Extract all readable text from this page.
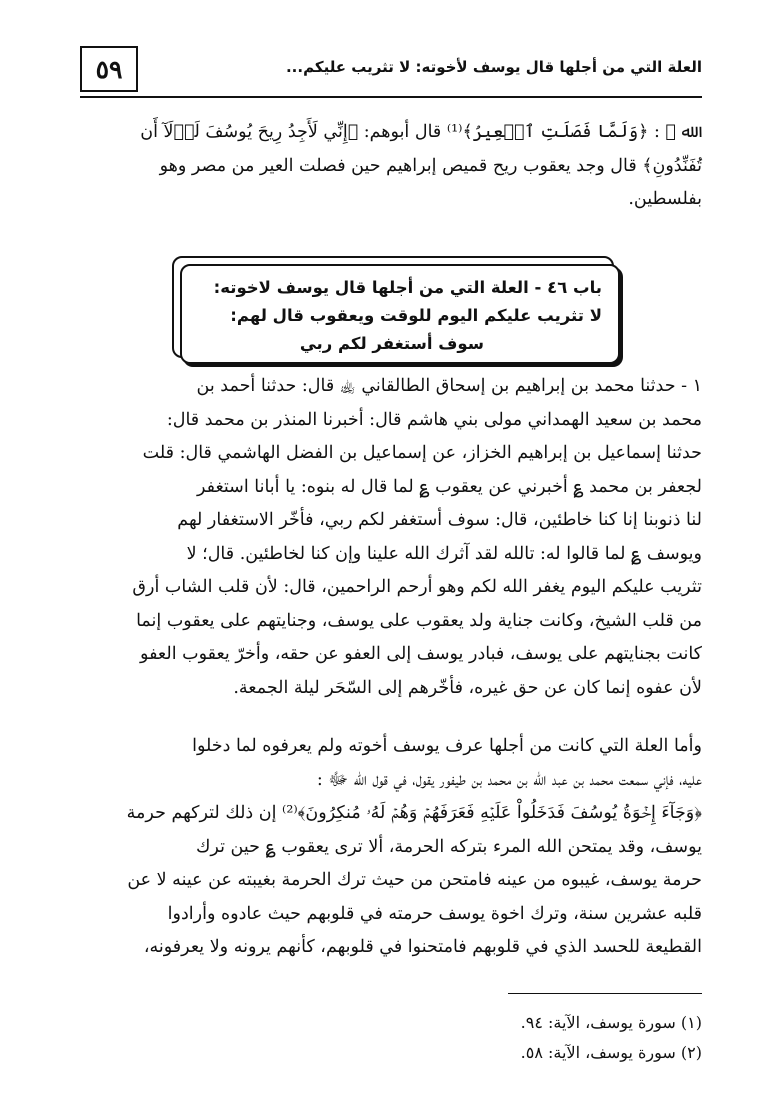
٥٩	العلة التي من أجلها قال يوسف لأخوته: لا تثريب عليكم...
الله ﷻ : ﴿وَلَمَّا فَصَلَتِ ٱلۡعِيرُ﴾⁽¹⁾ قال أبوهم: ﴿إِنِّي لَأَجِدُ رِيحَ يُوسُفَ لَوۡلَآ أَن
تُفَنِّدُونِ﴾ قال وجد يعقوب ريح قميص إبراهيم حين فصلت العير من مصر وهو
بفلسطين.
باب ٤٦ - العلة التي من أجلها قال يوسف لاخوته:
لا تثريب عليكم اليوم للوقت ويعقوب قال لهم:
سوف أستغفر لكم ربي
١ - حدثنا محمد بن إبراهيم بن إسحاق الطالقاني ﵀ قال: حدثنا أحمد بن
محمد بن سعيد الهمداني مولى بني هاشم قال: أخبرنا المنذر بن محمد قال:
حدثنا إسماعيل بن إبراهيم الخزاز، عن إسماعيل بن الفضل الهاشمي قال: قلت
لجعفر بن محمد ؏ أخبرني عن يعقوب ؏ لما قال له بنوه: يا أبانا استغفر
لنا ذنوبنا إنا كنا خاطئين، قال: سوف أستغفر لكم ربي، فأخّر الاستغفار لهم
ويوسف ؏ لما قالوا له: تالله لقد آثرك الله علينا وإن كنا لخاطئين. قال؛ لا
تثريب عليكم اليوم يغفر الله لكم وهو أرحم الراحمين، قال: لأن قلب الشاب أرق
من قلب الشيخ، وكانت جناية ولد يعقوب على يوسف، وجنايتهم على يعقوب إنما
كانت بجنايتهم على يوسف، فبادر يوسف إلى العفو عن حقه، وأخرّ يعقوب العفو
لأن عفوه إنما كان عن حق غيره، فأخّرهم إلى السّحَر ليلة الجمعة.
وأما العلة التي كانت من أجلها عرف يوسف أخوته ولم يعرفوه لما دخلوا
عليه، فإني سمعت محمد بن عبد الله بن محمد بن طيفور يقول، في قول الله ﷻ :
﴿وَجَآءَ إِخۡوَةُ يُوسُفَ فَدَخَلُواْ عَلَيۡهِ فَعَرَفَهُمۡ وَهُمۡ لَهُۥ مُنكِرُونَ﴾⁽²⁾ إن ذلك لتركهم حرمة
يوسف، وقد يمتحن الله المرء بتركه الحرمة، ألا ترى يعقوب ؏ حين ترك
حرمة يوسف، غيبوه من عينه فامتحن من حيث ترك الحرمة بغيبته عن عينه لا عن
قلبه عشرين سنة، وترك اخوة يوسف حرمته في قلوبهم حيث عادوه وأرادوا
القطيعة للحسد الذي في قلوبهم فامتحنوا في قلوبهم، كأنهم يرونه ولا يعرفونه،
(١) سورة يوسف، الآية: ٩٤.
(٢) سورة يوسف، الآية: ٥٨.
